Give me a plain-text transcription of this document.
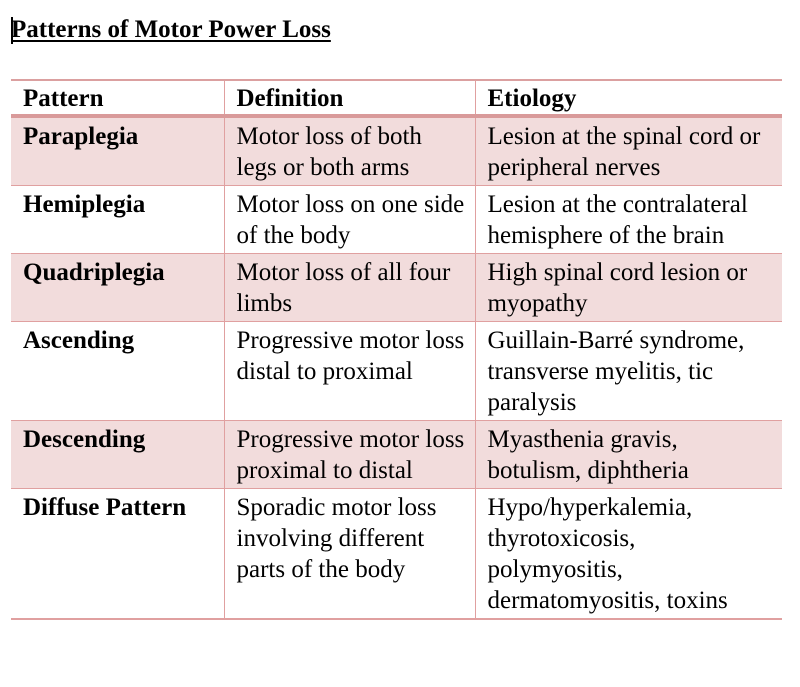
Patterns of Motor Power Loss
Pattern	Definition	Etiology
Paraplegia	Motor loss of both legs or both arms	Lesion at the spinal cord or peripheral nerves
Hemiplegia	Motor loss on one side of the body	Lesion at the contralateral hemisphere of the brain
Quadriplegia	Motor loss of all four limbs	High spinal cord lesion or myopathy
Ascending	Progressive motor loss distal to proximal	Guillain-Barré syndrome, transverse myelitis, tic paralysis
Descending	Progressive motor loss proximal to distal	Myasthenia gravis, botulism, diphtheria
Diffuse Pattern	Sporadic motor loss involving different parts of the body	Hypo/hyperkalemia, thyrotoxicosis, polymyositis, dermatomyositis, toxins
